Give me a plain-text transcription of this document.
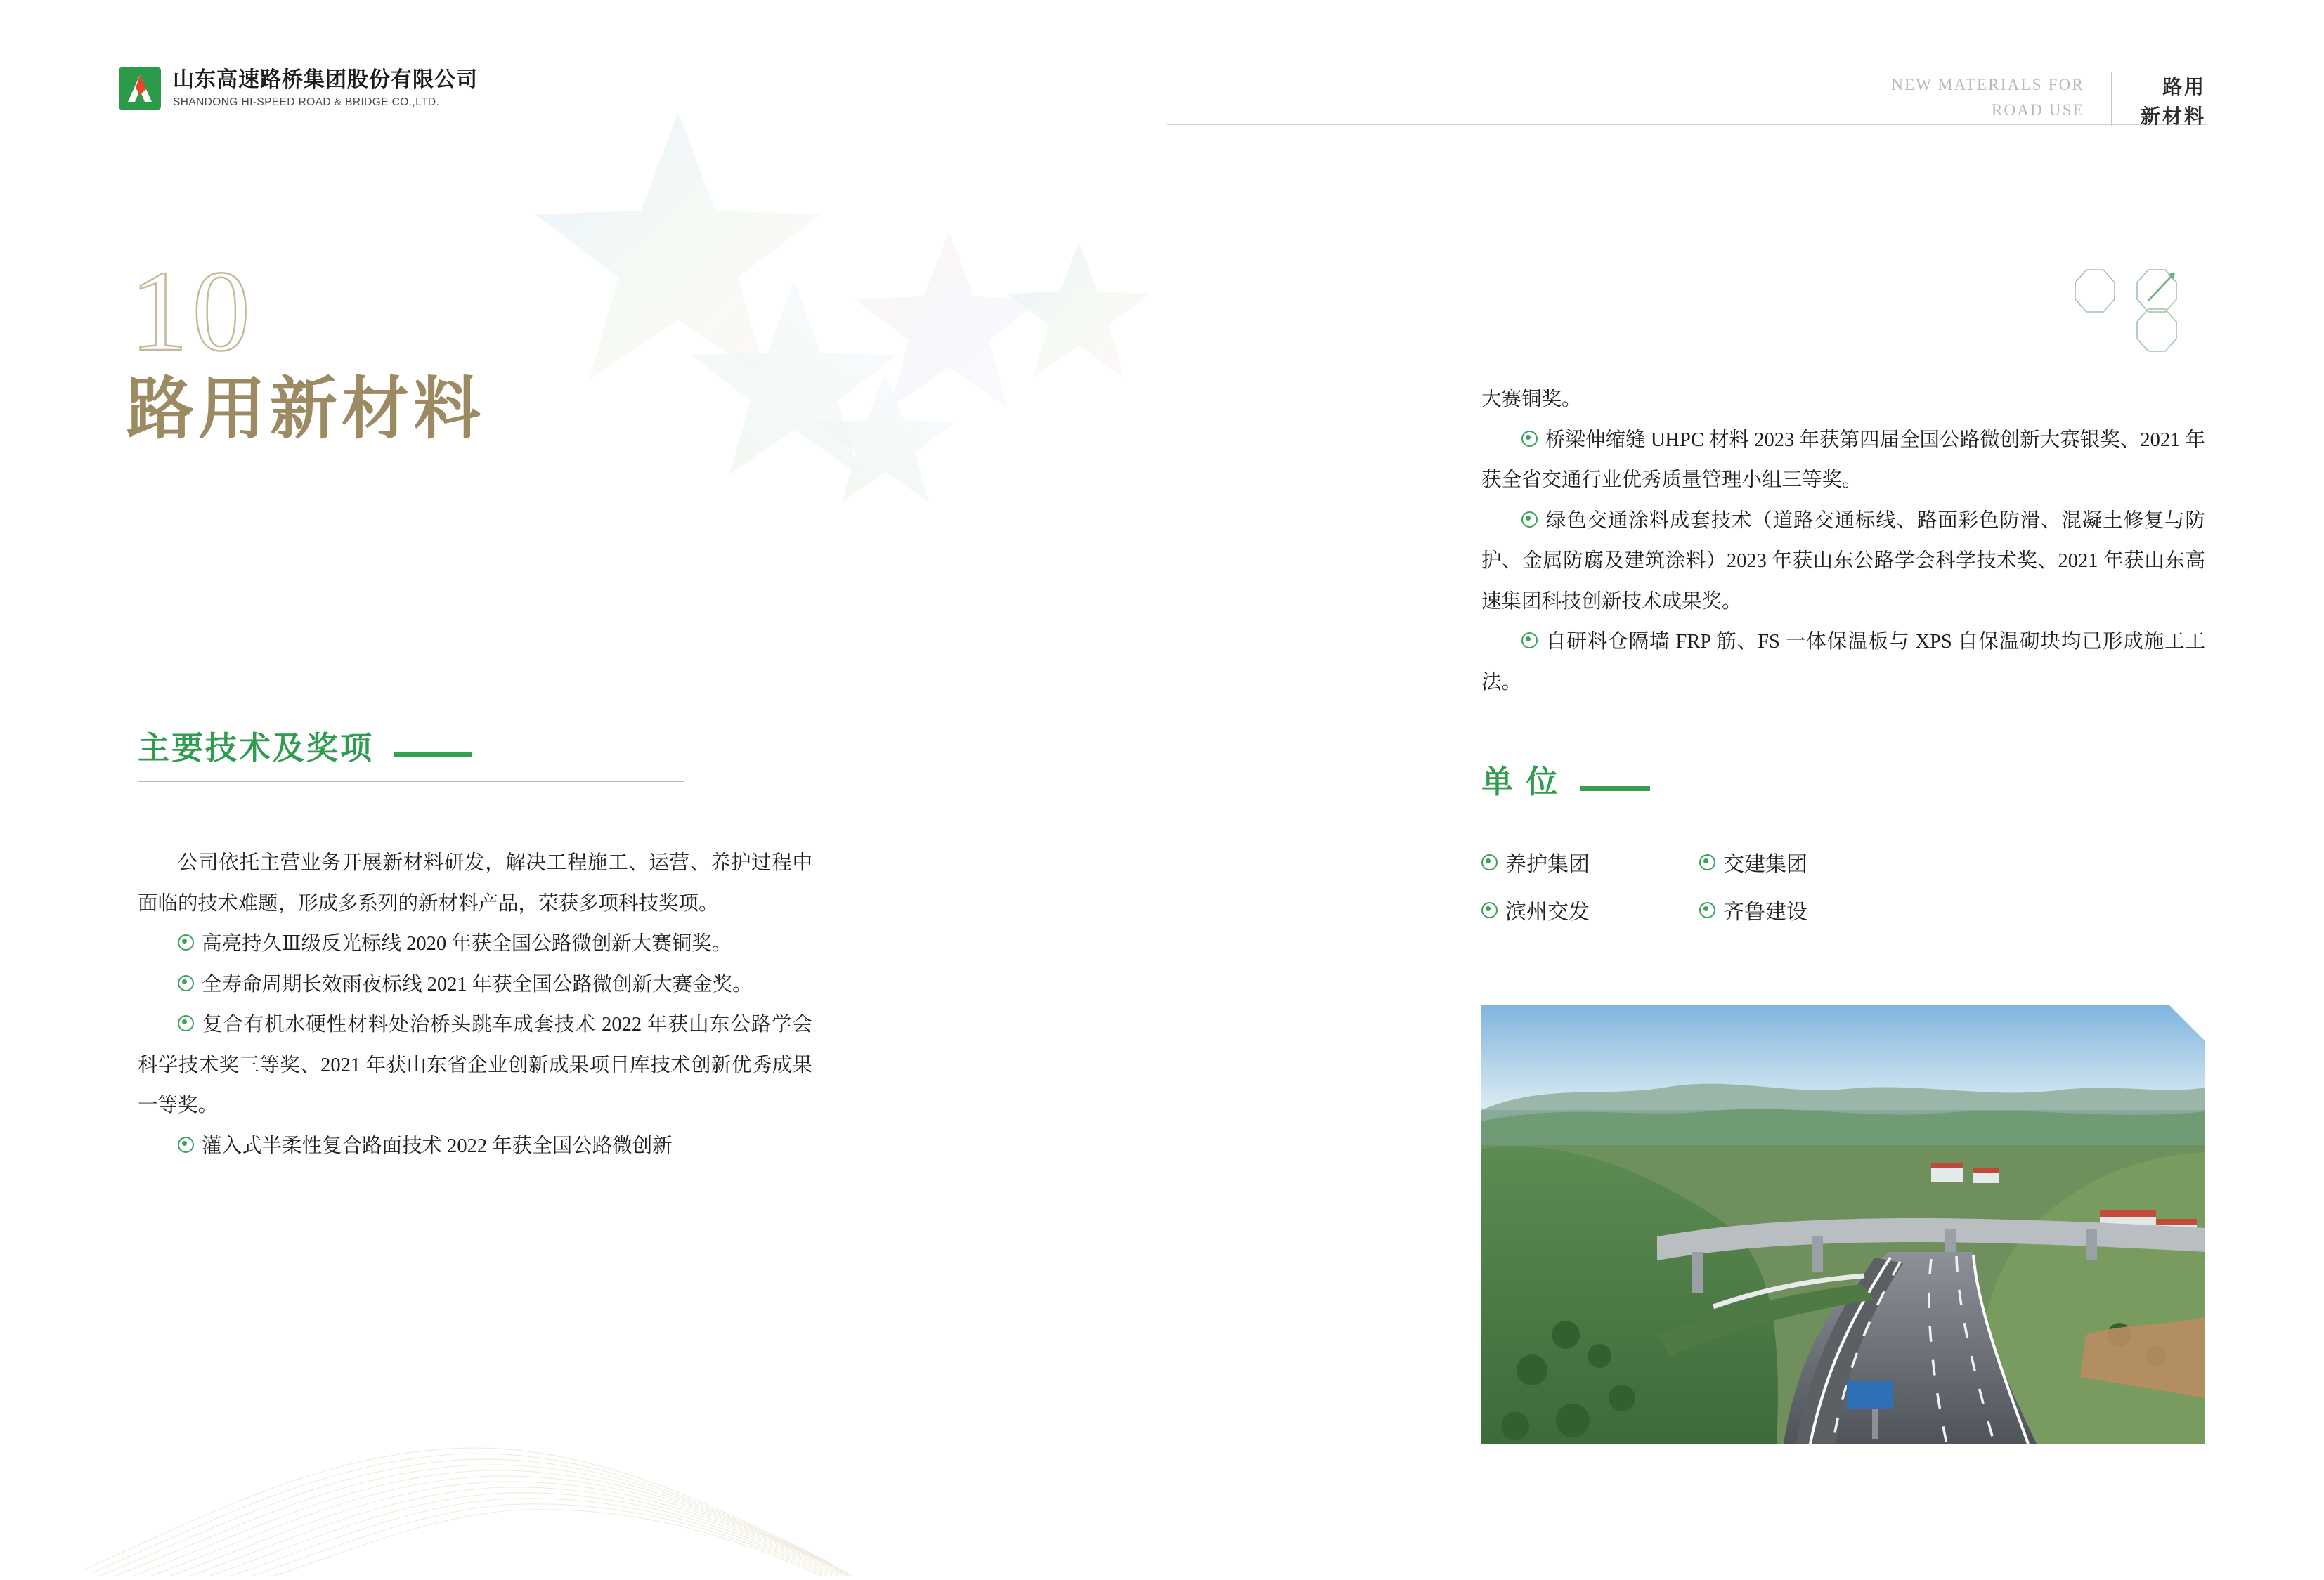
山东高速路桥集团股份有限公司
SHANDONG HI-SPEED ROAD & BRIDGE CO.,LTD.
NEW MATERIALS FOR
ROAD USE
路用
新材料
10
路用新材料
主要技术及奖项
单 位

公司依托主营业务开展新材料研发，解决工程施工、运营、养护过程中面临的技术难题，形成多系列的新材料产品，荣获多项科技奖项。

高亮持久Ⅲ级反光标线 2020 年获全国公路微创新大赛铜奖。

全寿命周期长效雨夜标线 2021 年获全国公路微创新大赛金奖。

复合有机水硬性材料处治桥头跳车成套技术 2022 年获山东公路学会科学技术奖三等奖、2021 年获山东省企业创新成果项目库技术创新优秀成果一等奖。

灌入式半柔性复合路面技术 2022 年获全国公路微创新

大赛铜奖。

桥梁伸缩缝 UHPC 材料 2023 年获第四届全国公路微创新大赛银奖、2021 年获全省交通行业优秀质量管理小组三等奖。

绿色交通涂料成套技术（道路交通标线、路面彩色防滑、混凝土修复与防护、金属防腐及建筑涂料）2023 年获山东公路学会科学技术奖、2021 年获山东高速集团科技创新技术成果奖。

自研料仓隔墙 FRP 筋、FS 一体保温板与 XPS 自保温砌块均已形成施工工法。

养护集团	交建集团
滨州交发	齐鲁建设
